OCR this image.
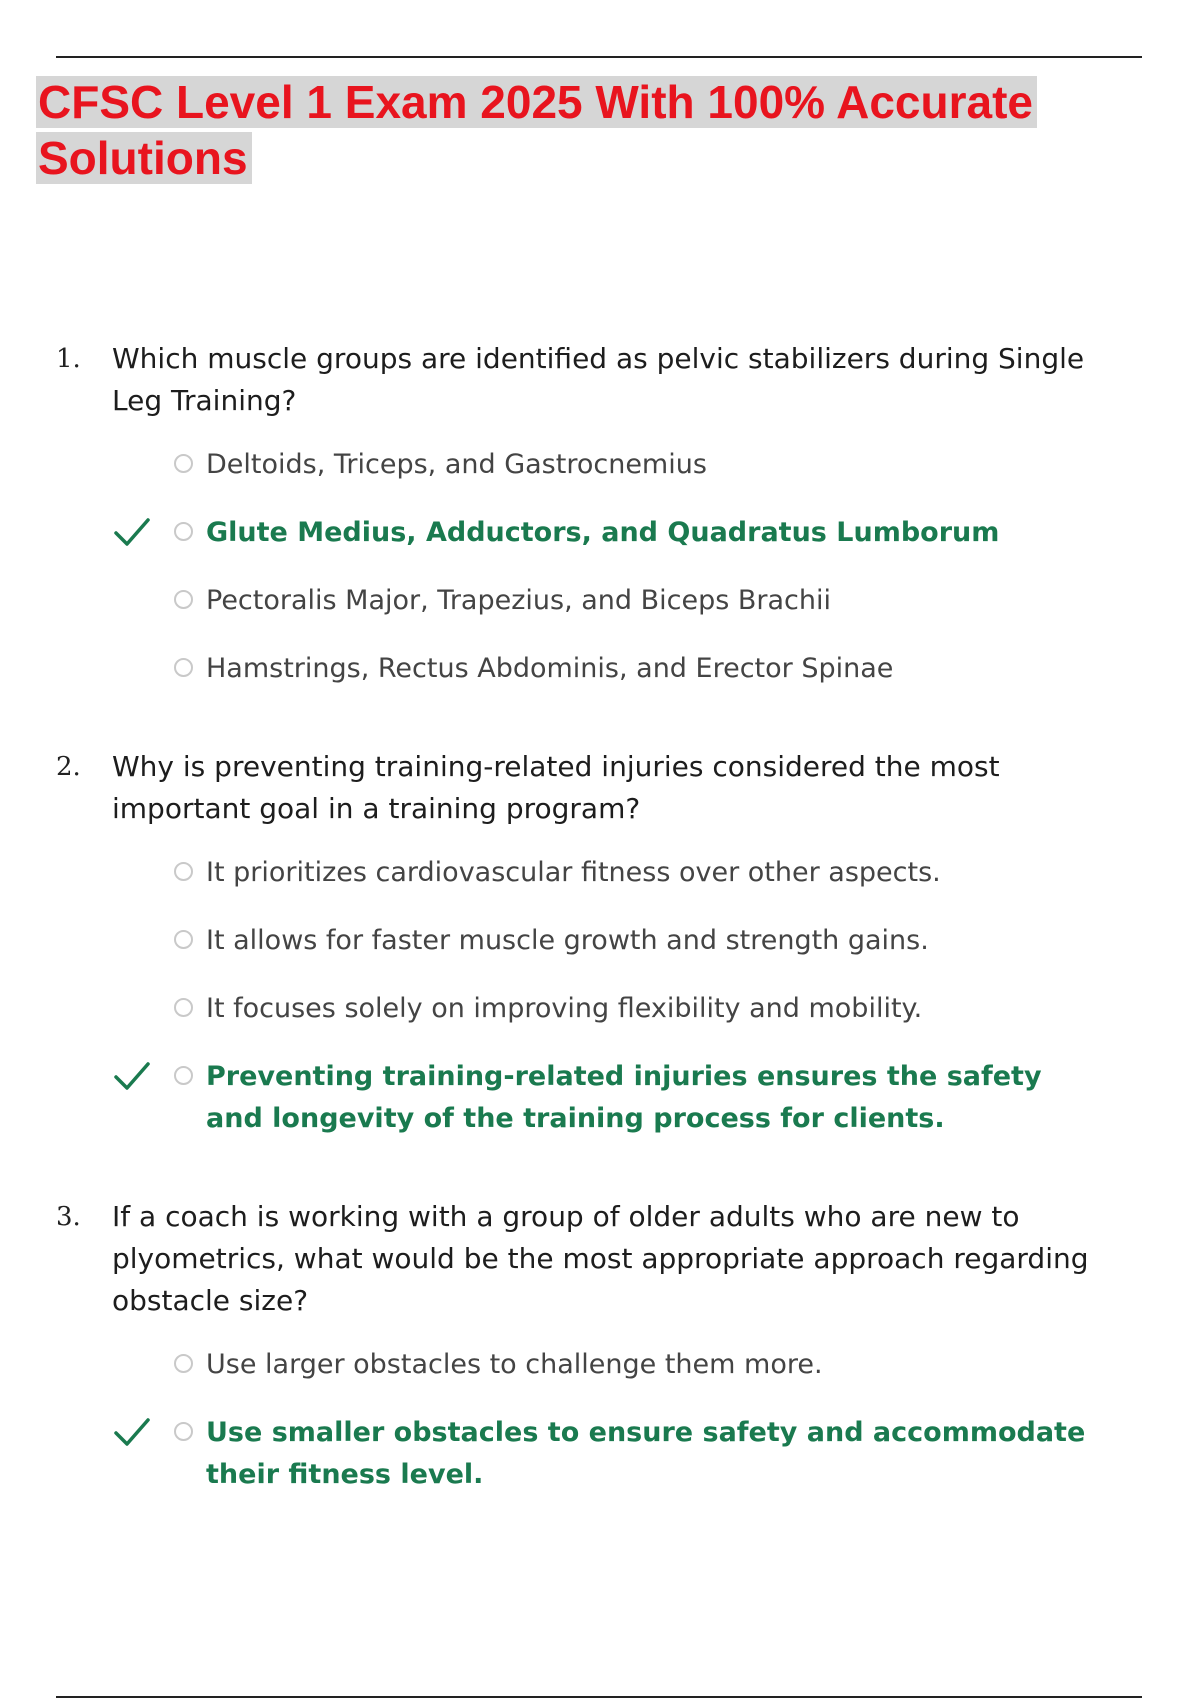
CFSC Level 1 Exam 2025 With 100% Accurate Solutions
1. Which muscle groups are identified as pelvic stabilizers during Single Leg Training?
Deltoids, Triceps, and Gastrocnemius
Glute Medius, Adductors, and Quadratus Lumborum
Pectoralis Major, Trapezius, and Biceps Brachii
Hamstrings, Rectus Abdominis, and Erector Spinae
2. Why is preventing training-related injuries considered the most important goal in a training program?
It prioritizes cardiovascular fitness over other aspects.
It allows for faster muscle growth and strength gains.
It focuses solely on improving flexibility and mobility.
Preventing training-related injuries ensures the safety and longevity of the training process for clients.
3. If a coach is working with a group of older adults who are new to plyometrics, what would be the most appropriate approach regarding obstacle size?
Use larger obstacles to challenge them more.
Use smaller obstacles to ensure safety and accommodate their fitness level.
